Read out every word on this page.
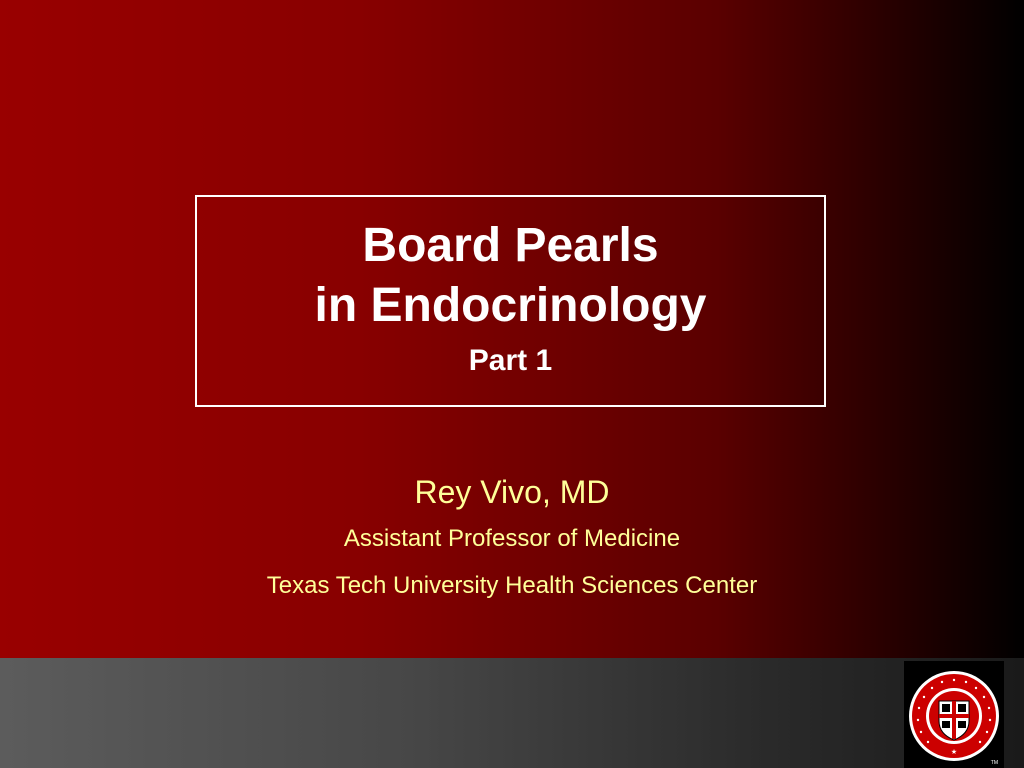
Board Pearls
in Endocrinology
Part 1
Rey Vivo, MD
Assistant Professor of Medicine
Texas Tech University Health Sciences Center
★
TM
